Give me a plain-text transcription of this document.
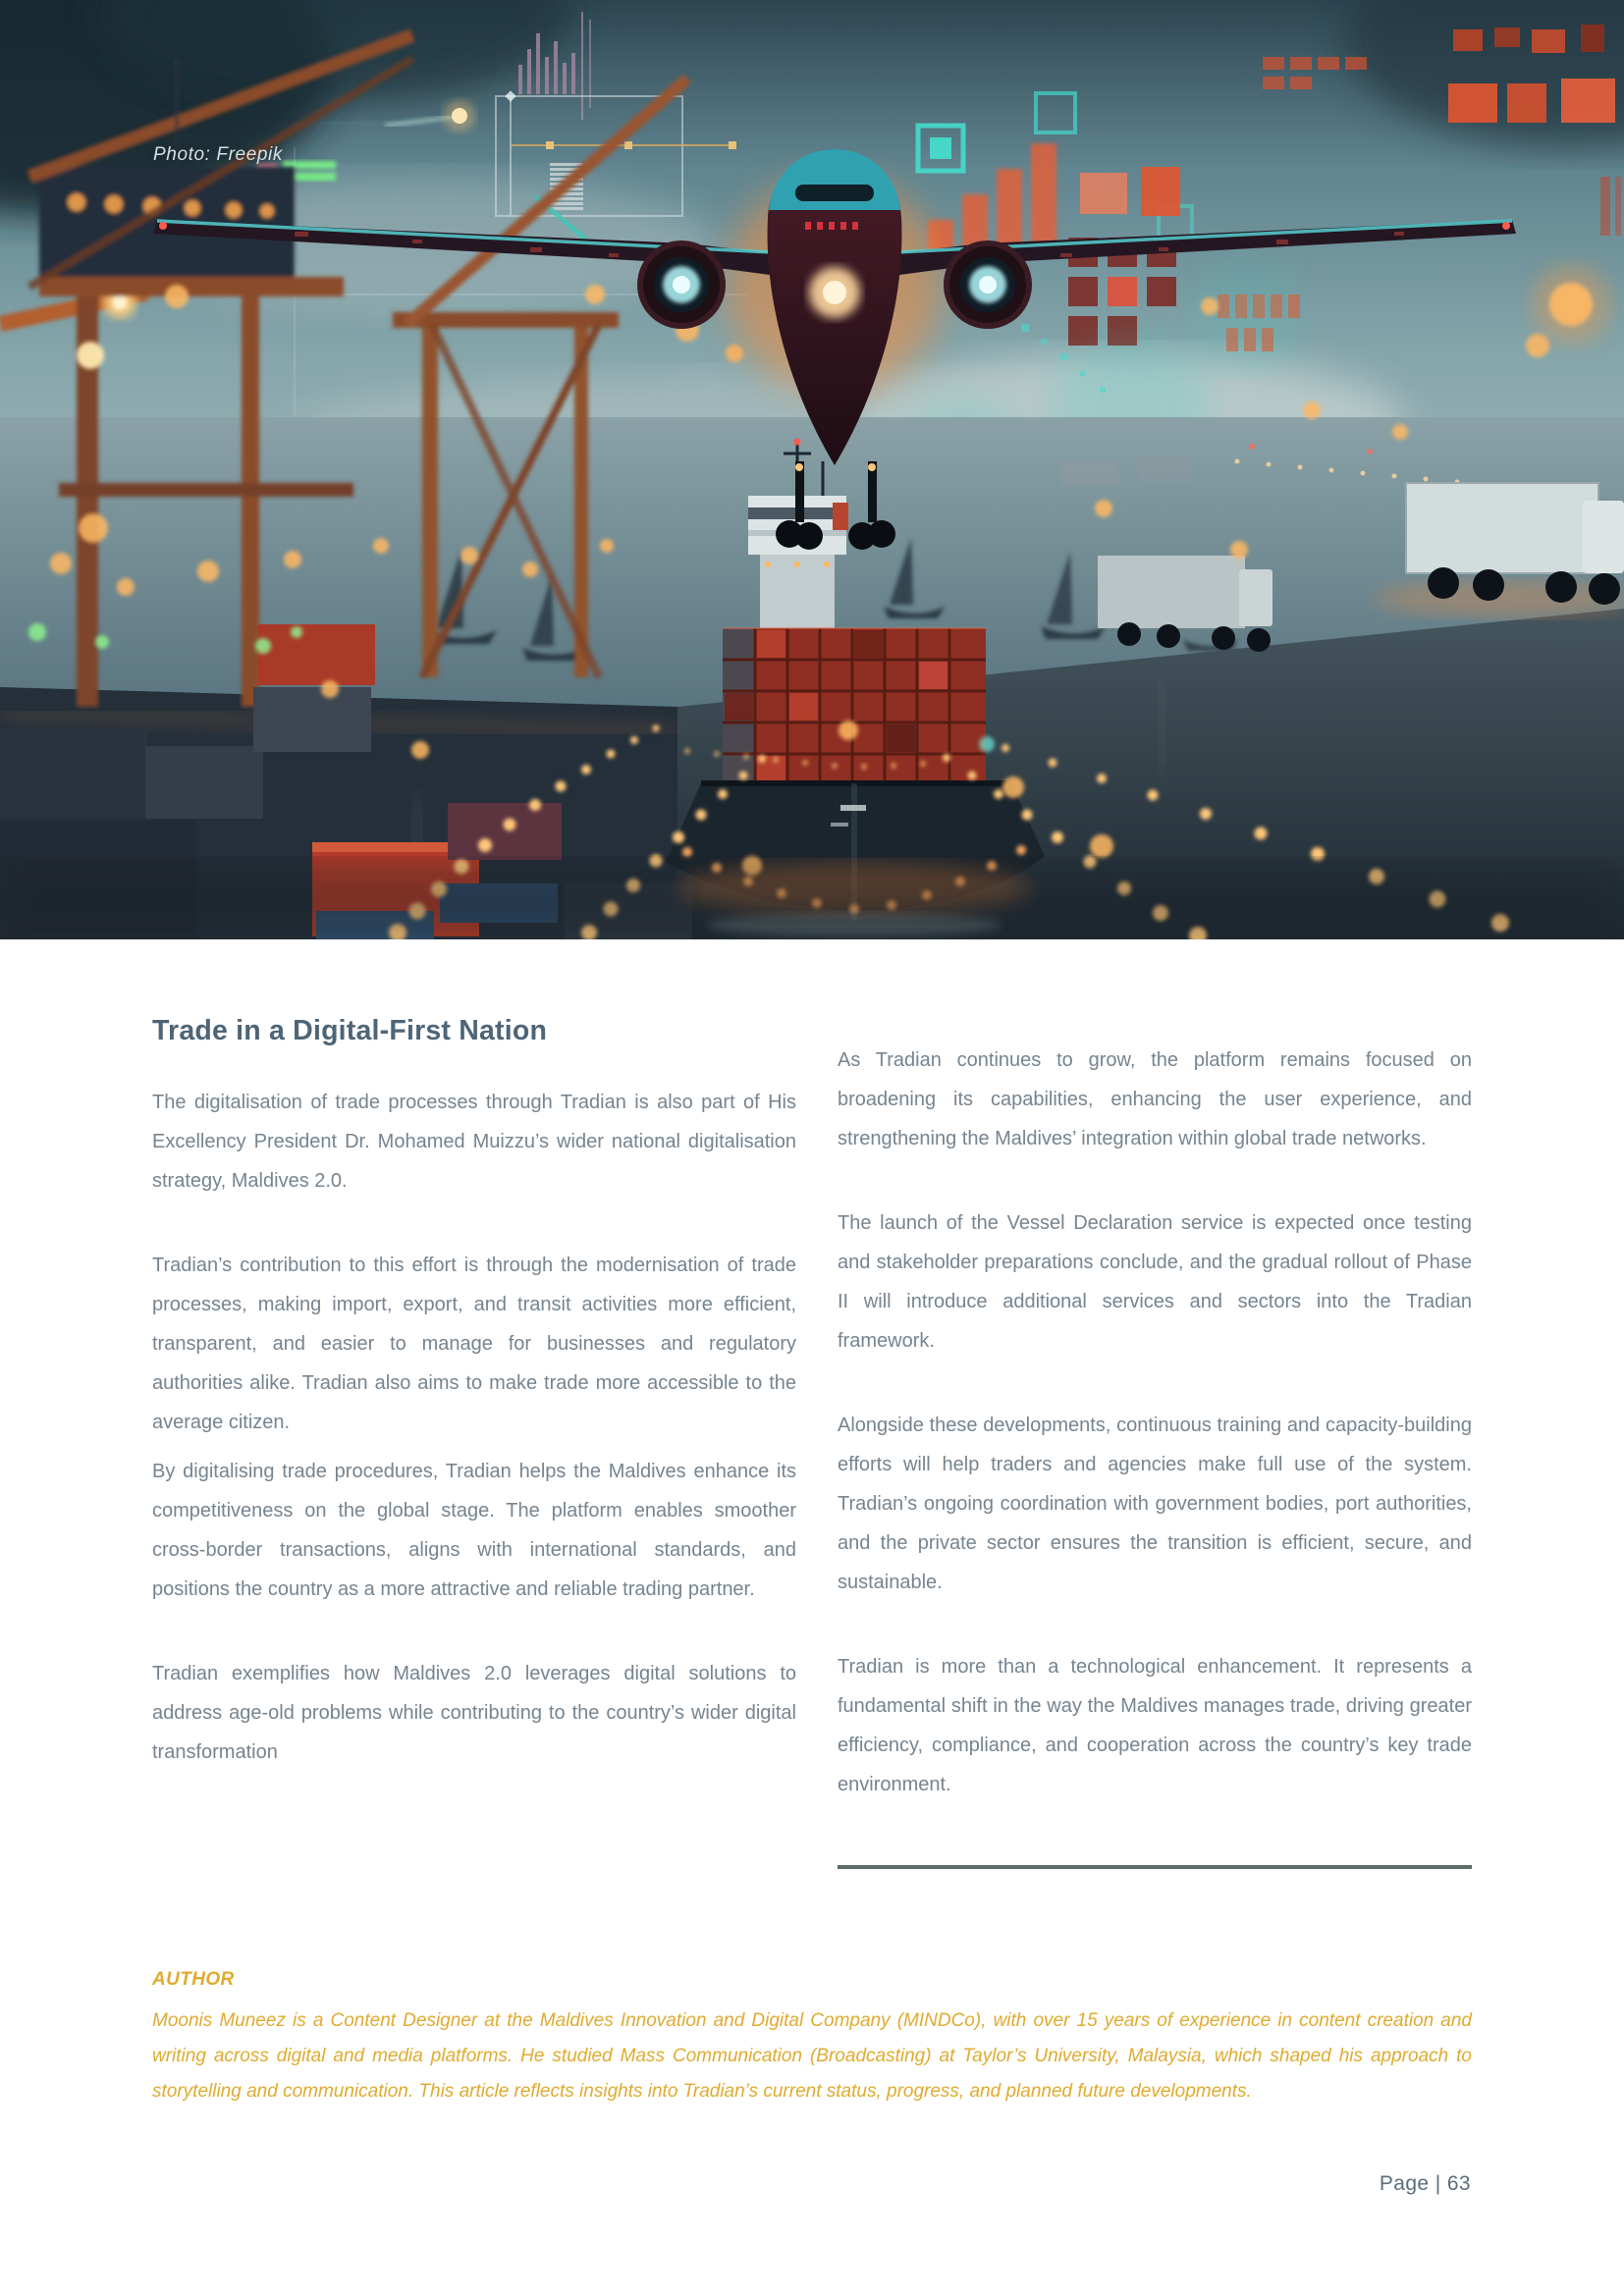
Photo: Freepik
Trade in a Digital-First Nation

The digitalisation of trade processes through Tradian is also part of His Excellency President Dr. Mohamed Muizzu’s wider national digitalisation strategy, Maldives 2.0.

Tradian’s contribution to this effort is through the modernisation of trade processes, making import, export, and transit activities more efficient, transparent, and easier to manage for businesses and regulatory authorities alike. Tradian also aims to make trade more accessible to the average citizen.

By digitalising trade procedures, Tradian helps the Maldives enhance its competitiveness on the global stage. The platform enables smoother cross-border transactions, aligns with international standards, and positions the country as a more attractive and reliable trading partner.

Tradian exemplifies how Maldives 2.0 leverages digital solutions to address age-old problems while contributing to the country’s wider digital transformation

As Tradian continues to grow, the platform remains focused on broadening its capabilities, enhancing the user experience, and strengthening the Maldives’ integration within global trade networks.

The launch of the Vessel Declaration service is expected once testing and stakeholder preparations conclude, and the gradual rollout of Phase II will introduce additional services and sectors into the Tradian framework.

Alongside these developments, continuous training and capacity-building efforts will help traders and agencies make full use of the system. Tradian’s ongoing coordination with government bodies, port authorities, and the private sector ensures the transition is efficient, secure, and sustainable.

Tradian is more than a technological enhancement. It represents a fundamental shift in the way the Maldives manages trade, driving greater efficiency, compliance, and cooperation across the country’s key trade environment.

AUTHOR

Moonis Muneez is a Content Designer at the Maldives Innovation and Digital Company (MINDCo), with over 15 years of experience in content creation and writing across digital and media platforms. He studied Mass Communication (Broadcasting) at Taylor’s University, Malaysia, which shaped his approach to storytelling and communication. This article reflects insights into Tradian’s current status, progress, and planned future developments.

Page | 63
